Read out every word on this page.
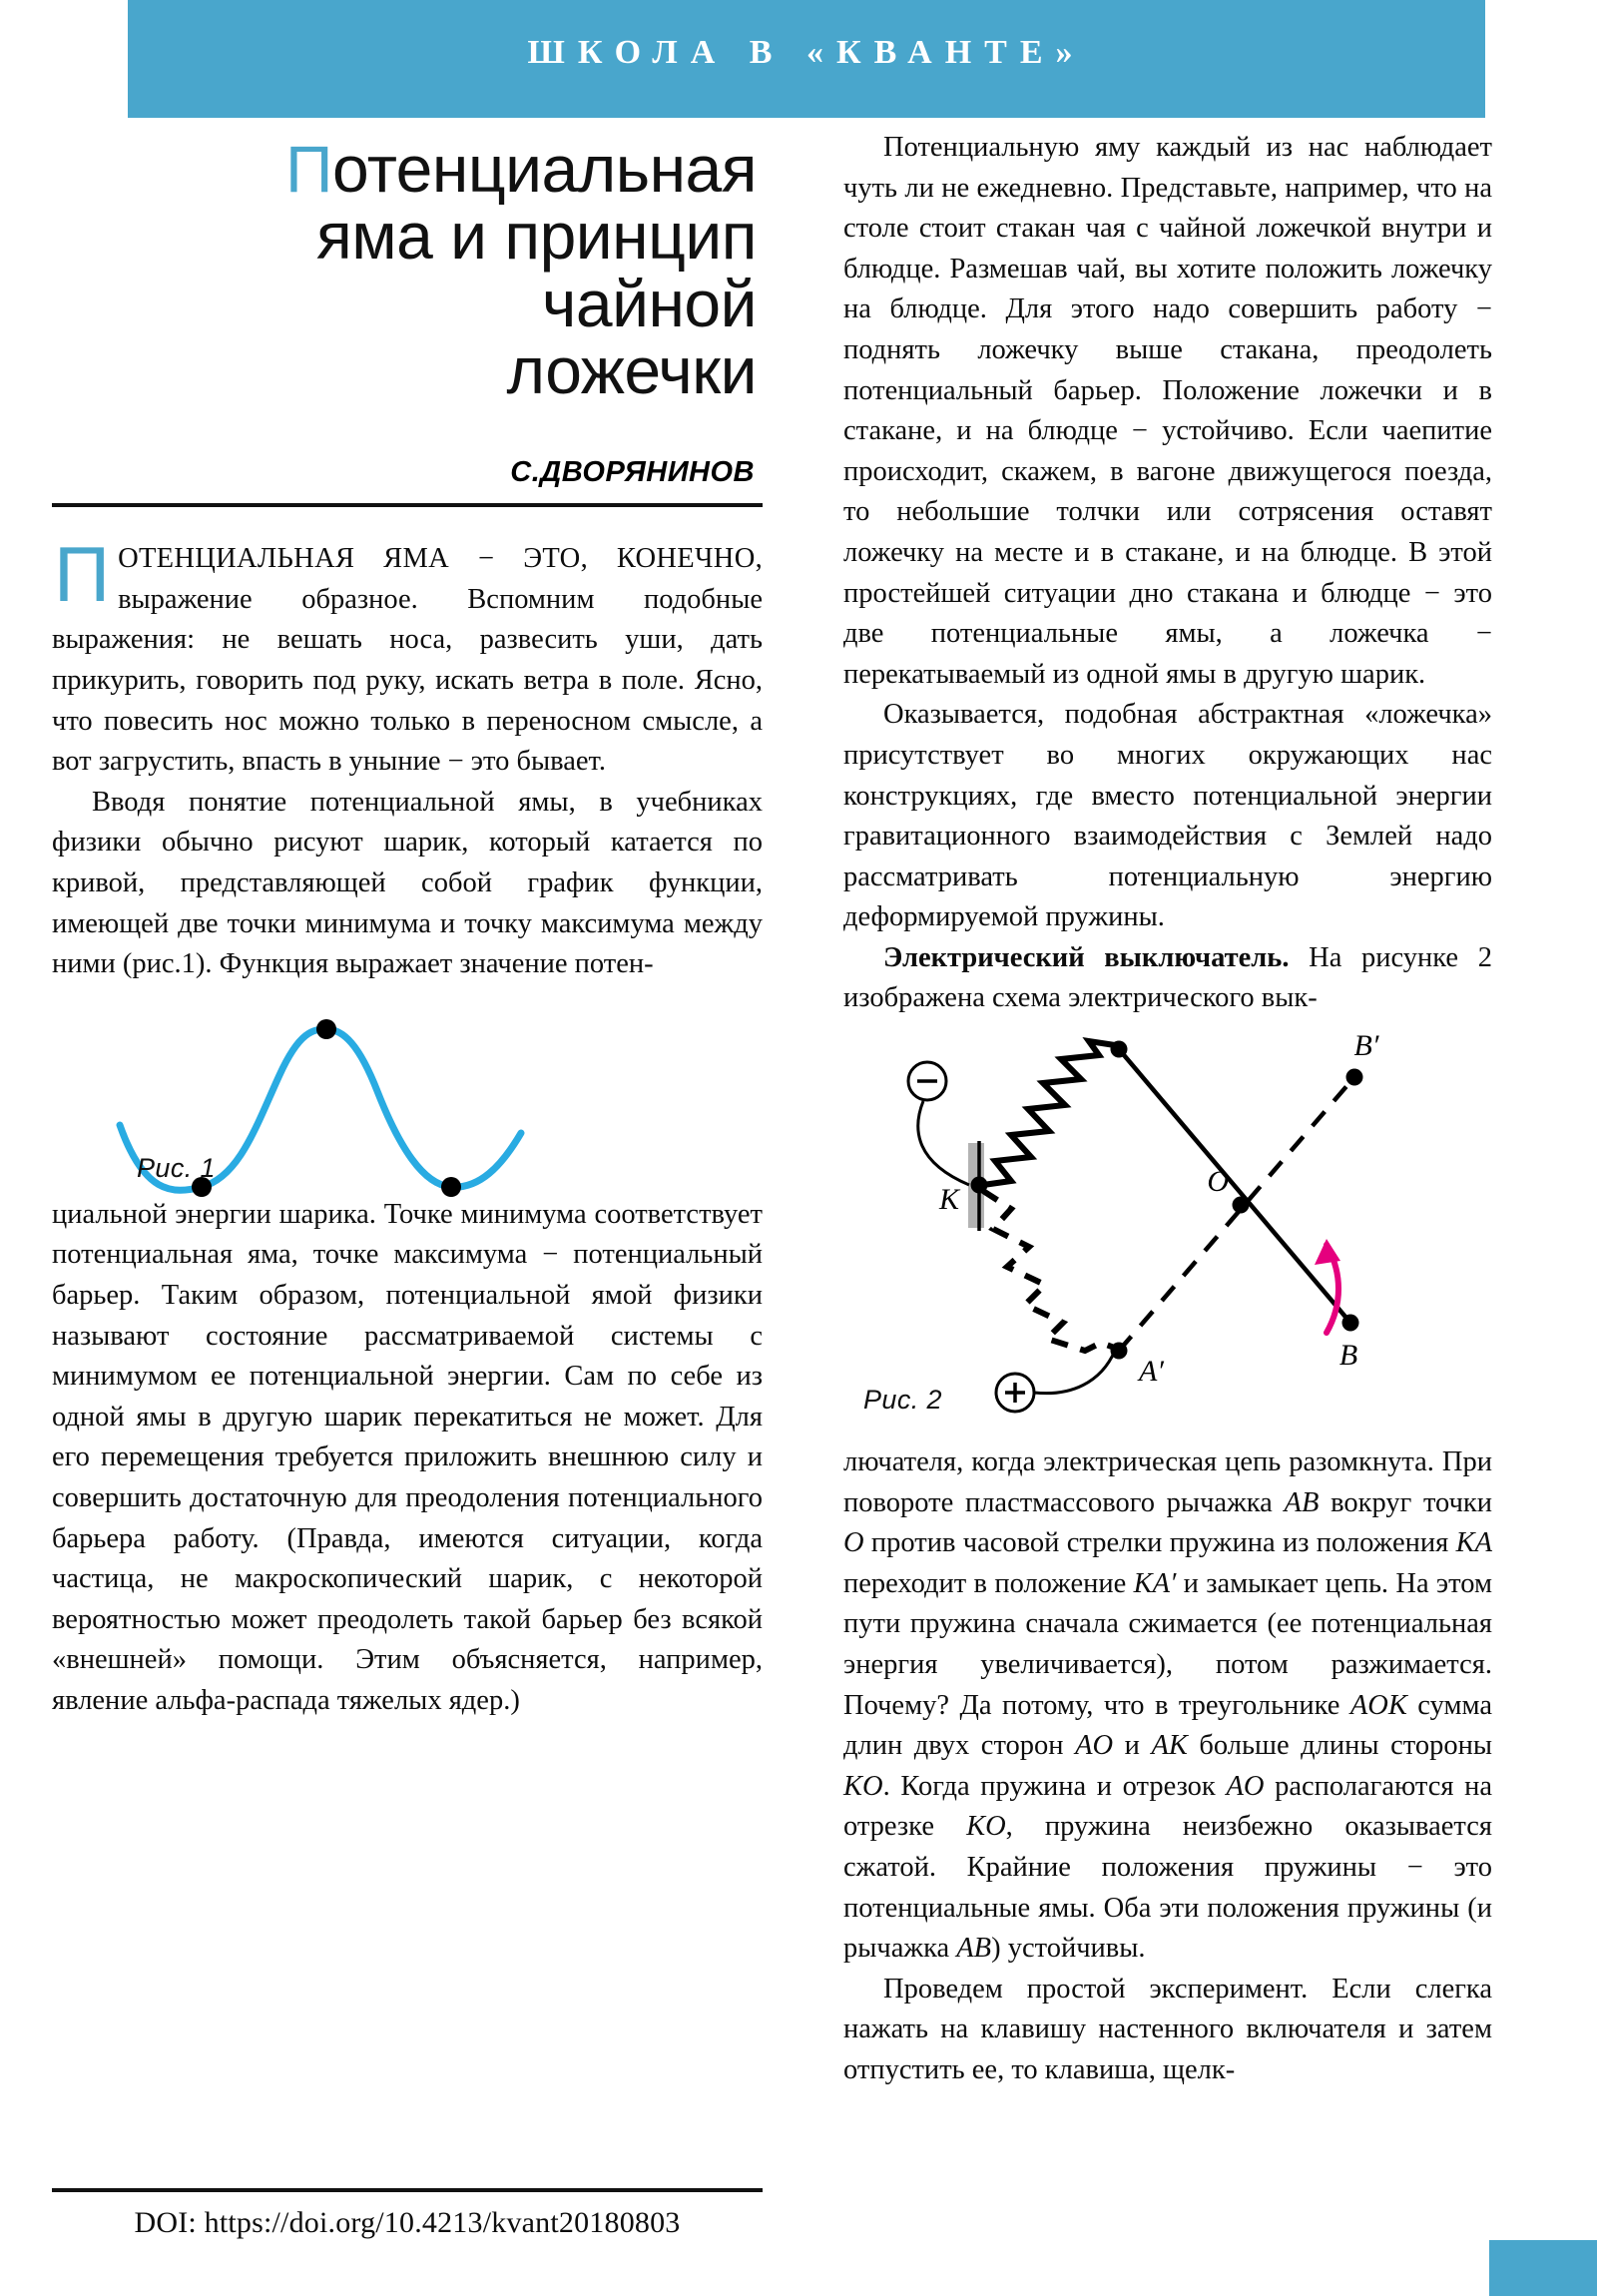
ШКОЛА В «КВАНТЕ»
Потенциальная
яма и принцип
чайной
ложечки
С.ДВОРЯНИНОВ

ПОТЕНЦИАЛЬНАЯ ЯМА − ЭТО, КОНЕЧНО, выражение образное. Вспомним подобные выражения: не вешать носа, развесить уши, дать прикурить, говорить под руку, искать ветра в поле. Ясно, что повесить нос можно только в переносном смысле, а вот загрустить, впасть в уныние − это бывает.

Вводя понятие потенциальной ямы, в учебниках физики обычно рисуют шарик, который катается по кривой, представляющей собой график функции, имеющей две точки минимума и точку максимума между ними (рис.1). Функция выражает значение потен-

Рис. 1

циальной энергии шарика. Точке минимума соответствует потенциальная яма, точке максимума − потенциальный барьер. Таким образом, потенциальной ямой физики называют состояние рассматриваемой системы с минимумом ее потенциальной энергии. Сам по себе из одной ямы в другую шарик перекатиться не может. Для его перемещения требуется приложить внешнюю силу и совершить достаточную для преодоления потенциального барьера работу. (Правда, имеются ситуации, когда частица, не макроскопический шарик, с некоторой вероятностью может преодолеть такой барьер без всякой «внешней» помощи. Этим объясняется, например, явление альфа-распада тяжелых ядер.)

Потенциальную яму каждый из нас наблюдает чуть ли не ежедневно. Представьте, например, что на столе стоит стакан чая с чайной ложечкой внутри и блюдце. Размешав чай, вы хотите положить ложечку на блюдце. Для этого надо совершить работу − поднять ложечку выше стакана, преодолеть потенциальный барьер. Положение ложечки и в стакане, и на блюдце − устойчиво. Если чаепитие происходит, скажем, в вагоне движущегося поезда, то небольшие толчки или сотрясения оставят ложечку на месте и в стакане, и на блюдце. В этой простейшей ситуации дно стакана и блюдце − это две потенциальные ямы, а ложечка − перекатываемый из одной ямы в другую шарик.

Оказывается, подобная абстрактная «ложечка» присутствует во многих окружающих нас конструкциях, где вместо потенциальной энергии гравитационного взаимодействия с Землей надо рассматривать потенциальную энергию деформируемой пружины.

Электрический выключатель. На рисунке 2 изображена схема электрического вык-

A′	B
B′
O
K
Рис. 2

лючателя, когда электрическая цепь разомкнута. При повороте пластмассового рычажка AB вокруг точки O против часовой стрелки пружина из положения KA переходит в положение KA′ и замыкает цепь. На этом пути пружина сначала сжимается (ее потенциальная энергия увеличивается), потом разжимается. Почему? Да потому, что в треугольнике AOK сумма длин двух сторон AO и AK больше длины стороны KO. Когда пружина и отрезок AO располагаются на отрезке KO, пружина неизбежно оказывается сжатой. Крайние положения пружины − это потенциальные ямы. Оба эти положения пружины (и рычажка AB) устойчивы.

Проведем простой эксперимент. Если слегка нажать на клавишу настенного включателя и затем отпустить ее, то клавиша, щелк-

DOI: https://doi.org/10.4213/kvant20180803
